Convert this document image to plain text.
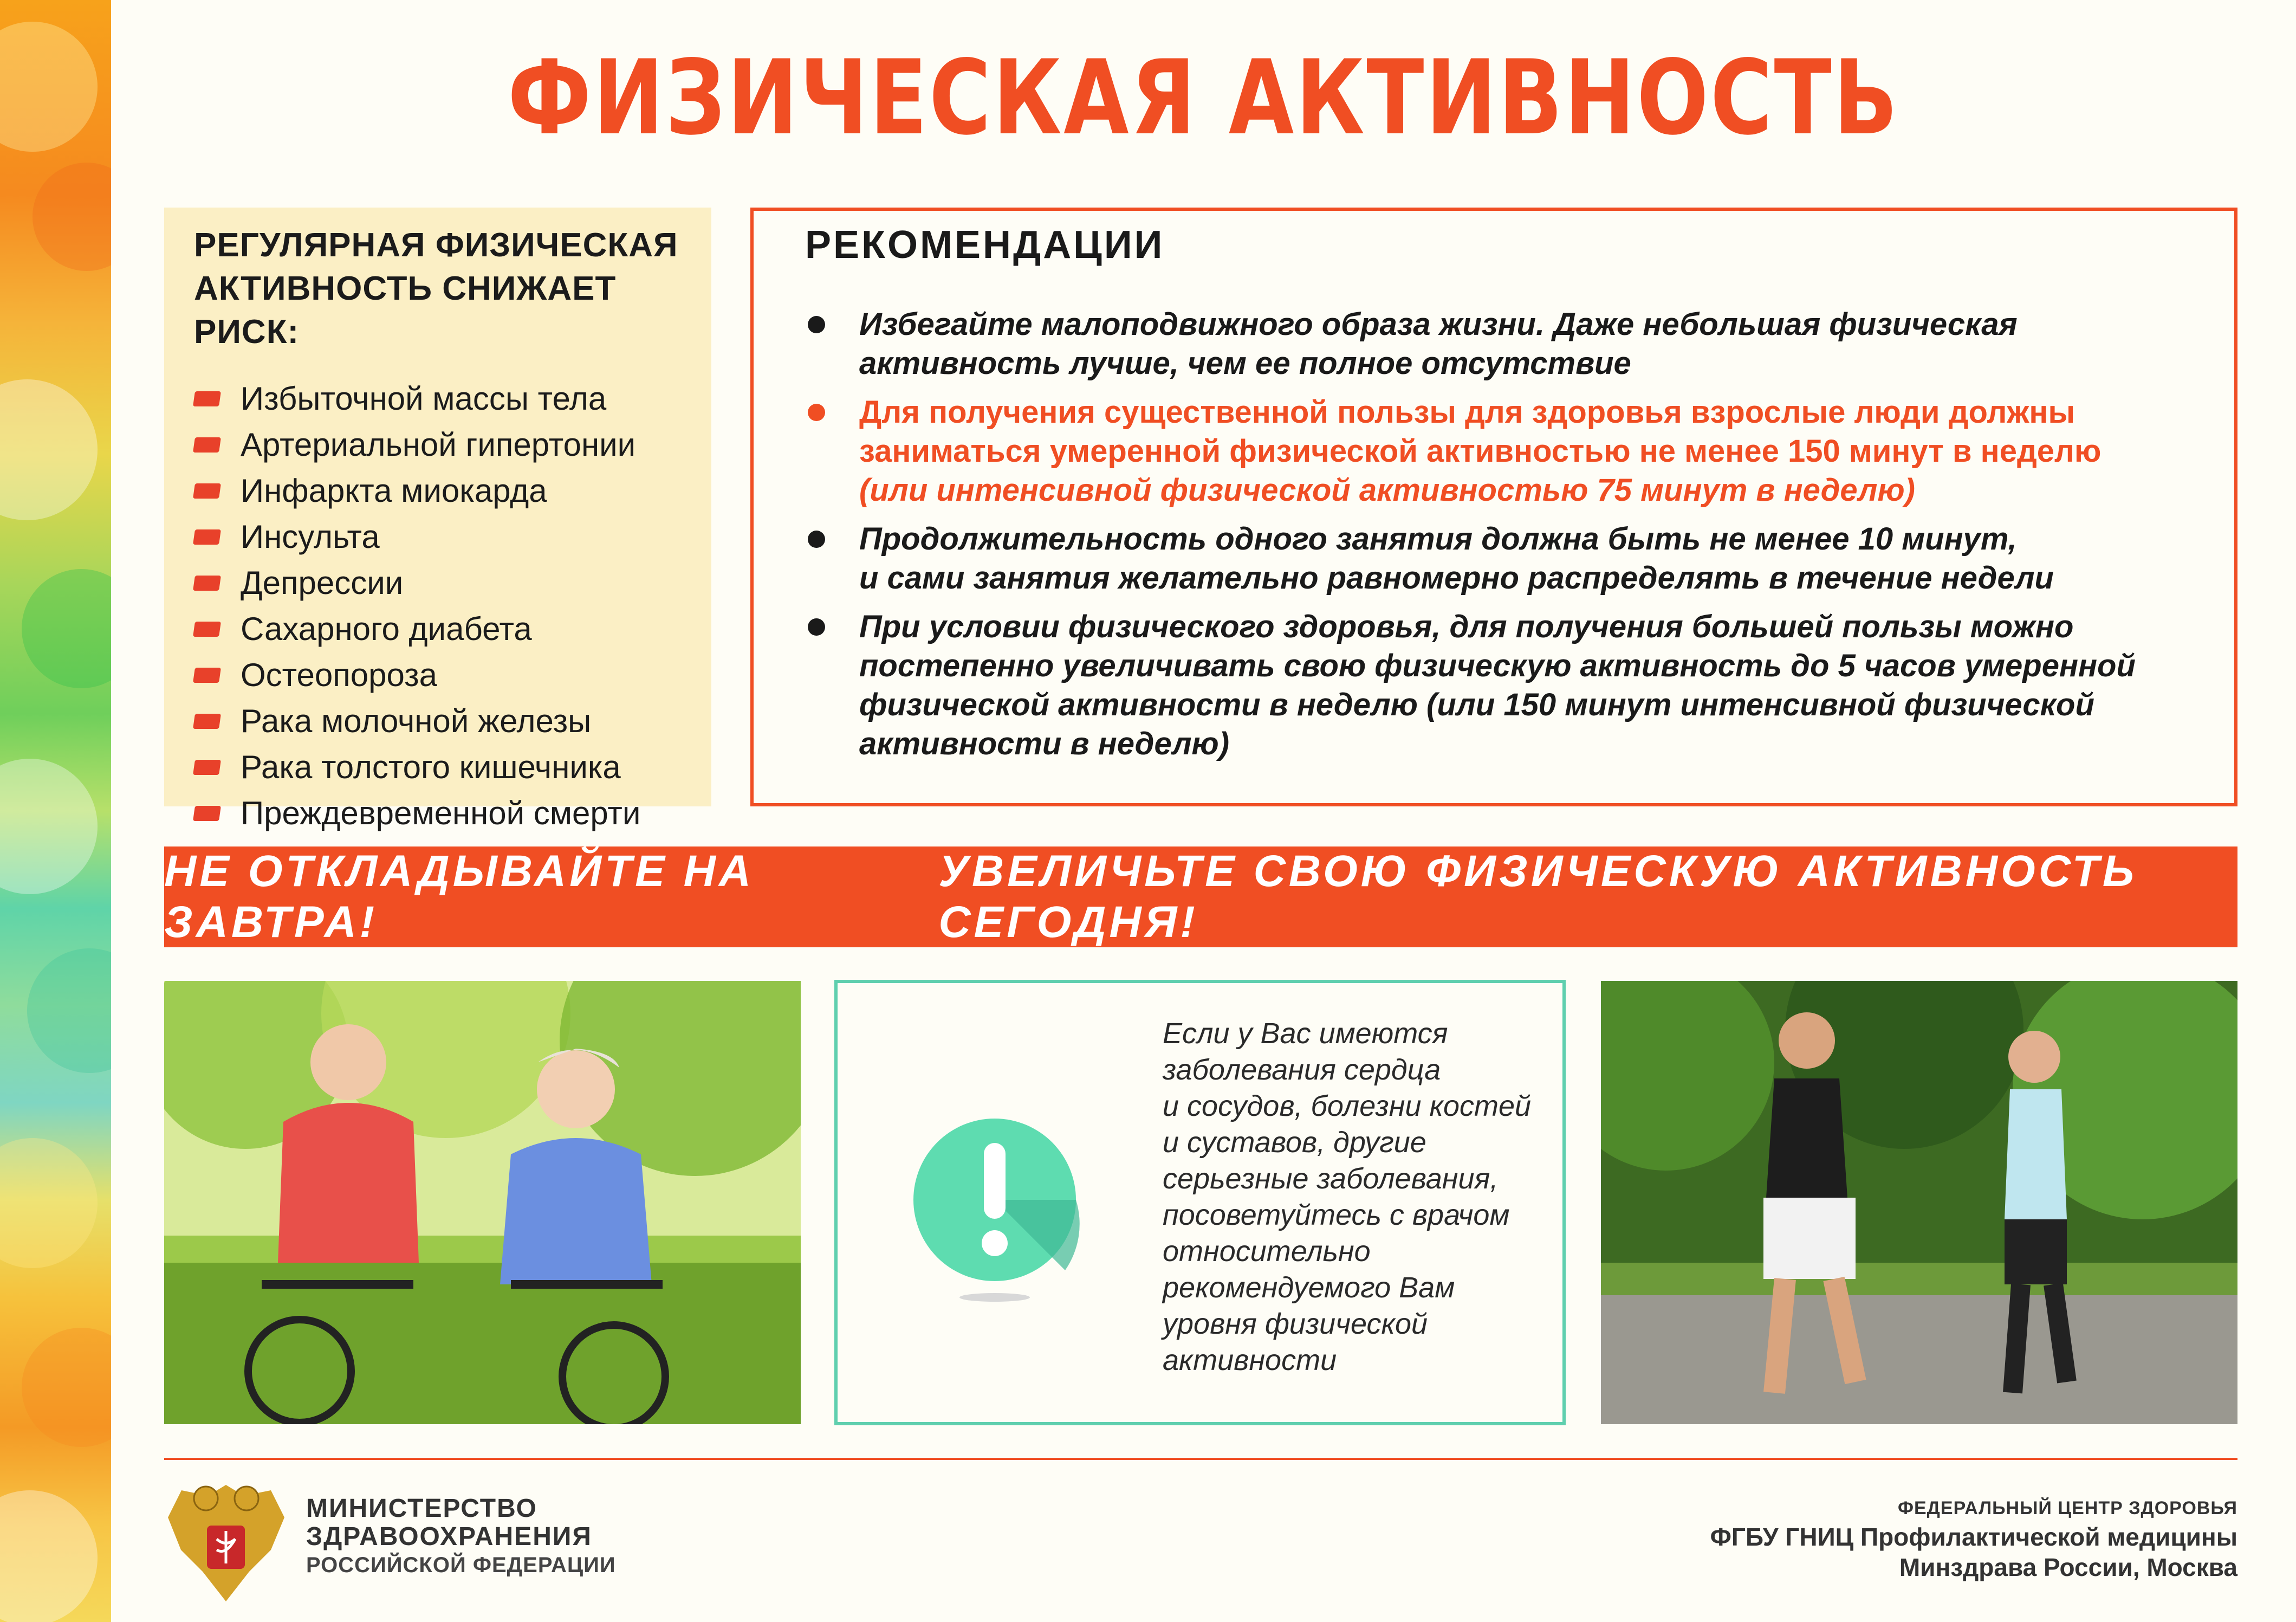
ФИЗИЧЕСКАЯ АКТИВНОСТЬ
РЕГУЛЯРНАЯ ФИЗИЧЕСКАЯ
АКТИВНОСТЬ СНИЖАЕТ РИСК:
Избыточной массы тела
Артериальной гипертонии
Инфаркта миокарда
Инсульта
Депрессии
Сахарного диабета
Остеопороза
Рака молочной железы
Рака толстого кишечника
Преждевременной смерти
РЕКОМЕНДАЦИИ
Избегайте малоподвижного образа жизни. Даже небольшая физическая
активность лучше, чем ее полное отсутствие
Для получения существенной пользы для здоровья взрослые люди должны
заниматься умеренной физической активностью не менее 150 минут в неделю
(или интенсивной физической активностью 75 минут в неделю)
Продолжительность одного занятия должна быть не менее 10 минут,
и сами занятия желательно равномерно распределять в течение недели
При условии физического здоровья, для получения большей пользы можно
постепенно увеличивать свою физическую активность до 5 часов умеренной
физической активности в неделю (или 150 минут интенсивной физической
активности в неделю)
НЕ ОТКЛАДЫВАЙТЕ НА ЗАВТРА!
УВЕЛИЧЬТЕ СВОЮ ФИЗИЧЕСКУЮ АКТИВНОСТЬ СЕГОДНЯ!
Если у Вас имеются
заболевания сердца
и сосудов, болезни костей
и суставов, другие
серьезные заболевания,
посоветуйтесь с врачом
относительно
рекомендуемого Вам
уровня физической
активности
МИНИСТЕРСТВО
ЗДРАВООХРАНЕНИЯ
РОССИЙСКОЙ ФЕДЕРАЦИИ
ФЕДЕРАЛЬНЫЙ ЦЕНТР ЗДОРОВЬЯ
ФГБУ ГНИЦ Профилактической медицины
Минздрава России, Москва
